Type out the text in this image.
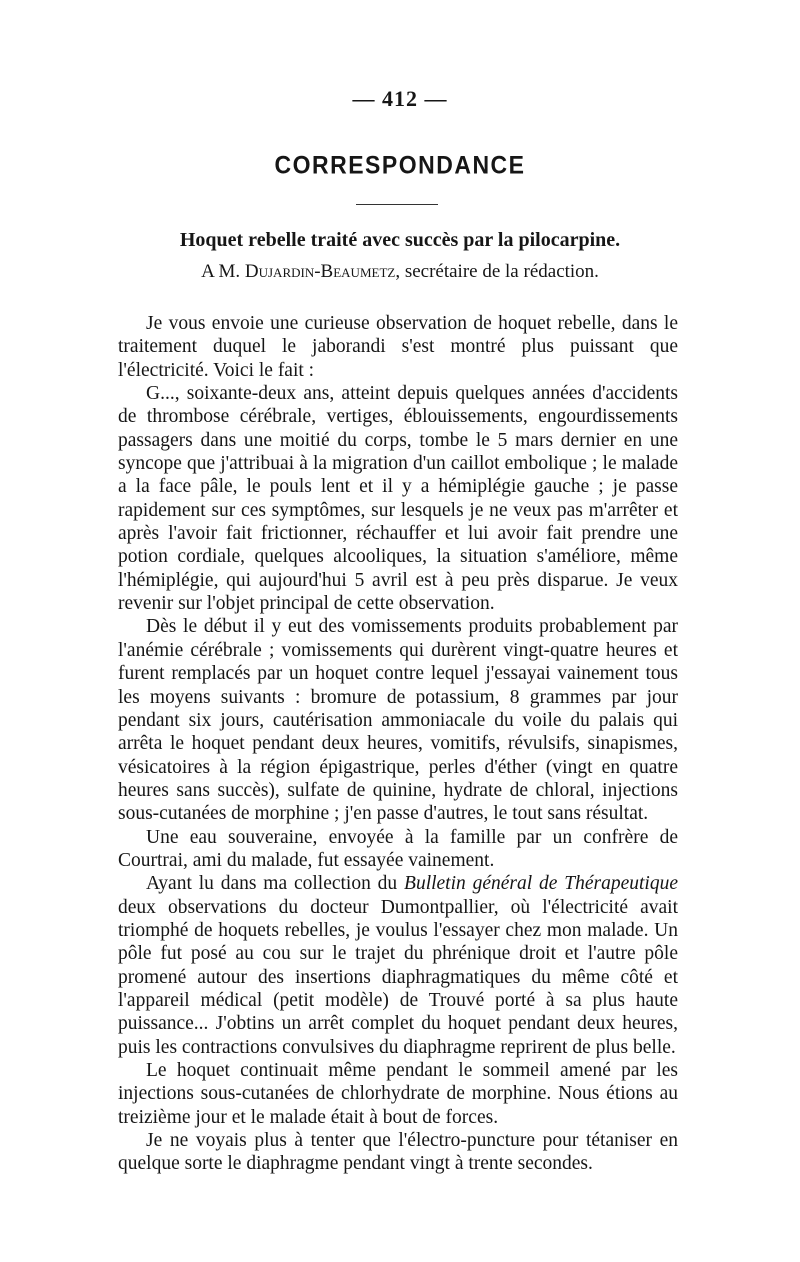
— 412 —
CORRESPONDANCE
Hoquet rebelle traité avec succès par la pilocarpine.
A M. Dujardin-Beaumetz, secrétaire de la rédaction.

Je vous envoie une curieuse observation de hoquet rebelle, dans le traitement duquel le jaborandi s'est montré plus puissant que l'électricité. Voici le fait :

G..., soixante-deux ans, atteint depuis quelques années d'accidents de thrombose cérébrale, vertiges, éblouissements, engourdissements passagers dans une moitié du corps, tombe le 5 mars dernier en une syncope que j'attribuai à la migration d'un caillot embolique ; le malade a la face pâle, le pouls lent et il y a hémiplégie gauche ; je passe rapidement sur ces symptômes, sur lesquels je ne veux pas m'arrêter et après l'avoir fait frictionner, réchauffer et lui avoir fait prendre une potion cordiale, quelques alcooliques, la situation s'améliore, même l'hémiplégie, qui aujourd'hui 5 avril est à peu près disparue. Je veux revenir sur l'objet principal de cette observation.

Dès le début il y eut des vomissements produits probablement par l'anémie cérébrale ; vomissements qui durèrent vingt-quatre heures et furent remplacés par un hoquet contre lequel j'essayai vainement tous les moyens suivants : bromure de potassium, 8 grammes par jour pendant six jours, cautérisation ammoniacale du voile du palais qui arrêta le hoquet pendant deux heures, vomitifs, révulsifs, sinapismes, vésicatoires à la région épigastrique, perles d'éther (vingt en quatre heures sans succès), sulfate de quinine, hydrate de chloral, injections sous-cutanées de morphine ; j'en passe d'autres, le tout sans résultat.

Une eau souveraine, envoyée à la famille par un confrère de Courtrai, ami du malade, fut essayée vainement.

Ayant lu dans ma collection du Bulletin général de Thérapeutique deux observations du docteur Dumontpallier, où l'électricité avait triomphé de hoquets rebelles, je voulus l'essayer chez mon malade. Un pôle fut posé au cou sur le trajet du phrénique droit et l'autre pôle promené autour des insertions diaphragmatiques du même côté et l'appareil médical (petit modèle) de Trouvé porté à sa plus haute puissance... J'obtins un arrêt complet du hoquet pendant deux heures, puis les contractions convulsives du diaphragme reprirent de plus belle.

Le hoquet continuait même pendant le sommeil amené par les injections sous-cutanées de chlorhydrate de morphine. Nous étions au treizième jour et le malade était à bout de forces.

Je ne voyais plus à tenter que l'électro-puncture pour tétaniser en quelque sorte le diaphragme pendant vingt à trente secondes.
